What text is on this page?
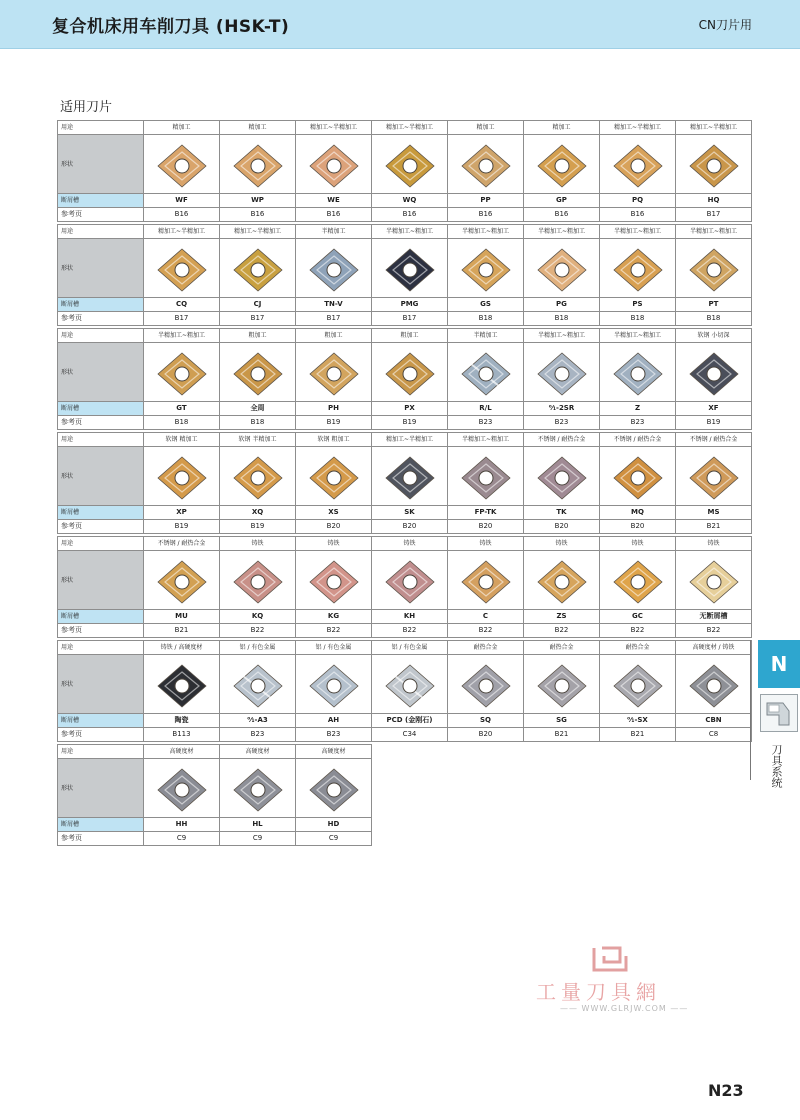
复合机床用车削刀具 (HSK-T)	CN刀片用
适用刀片
用途	精加工	精加工	精加工~半精加工	精加工~半精加工	精加工	精加工	精加工~半精加工	精加工~半精加工
形状	

断屑槽	WF	WP	WE	WQ	PP	GP	PQ	HQ
参考页	B16	B16	B16	B16	B16	B16	B16	B17
用途	精加工~半精加工	精加工~半精加工	半精加工	半精加工~粗加工	半精加工~粗加工	半精加工~粗加工	半精加工~粗加工	半精加工~粗加工
形状	

断屑槽	CQ	CJ	TN-V	PMG	GS	PG	PS	PT
参考页	B17	B17	B17	B17	B18	B18	B18	B18
用途	半精加工~粗加工	粗加工	粗加工	粗加工	半精加工	半精加工~粗加工	半精加工~粗加工	软钢 小切深
形状	

断屑槽	GT	全周	PH	PX	R/L	⁰⁄₁-2SR	Z	XF
参考页	B18	B18	B19	B19	B23	B23	B23	B19
用途	软钢 精加工	软钢 半精加工	软钢 粗加工	精加工~半精加工	半精加工~粗加工	不锈钢 / 耐热合金	不锈钢 / 耐热合金	不锈钢 / 耐热合金
形状	

断屑槽	XP	XQ	XS	SK	FP-TK	TK	MQ	MS
参考页	B19	B19	B20	B20	B20	B20	B20	B21
用途	不锈钢 / 耐热合金	铸铁	铸铁	铸铁	铸铁	铸铁	铸铁	铸铁
形状	

断屑槽	MU	KQ	KG	KH	C	ZS	GC	无断屑槽
参考页	B21	B22	B22	B22	B22	B22	B22	B22
用途	铸铁 / 高硬度材	铝 / 有色金属	铝 / 有色金属	铝 / 有色金属	耐热合金	耐热合金	耐热合金	高硬度材 / 铸铁
形状	

断屑槽	陶瓷	⁰⁄₁-A3	AH	PCD (金刚石)	SQ	SG	⁰⁄₁-SX	CBN
参考页	B113	B23	B23	C34	B20	B21	B21	C8
用途	高硬度材	高硬度材	高硬度材
形状	

断屑槽	HH	HL	HD
参考页	C9	C9	C9
N
刀具系统
工量刀具網
—— WWW.GLRJW.COM ——
N23
